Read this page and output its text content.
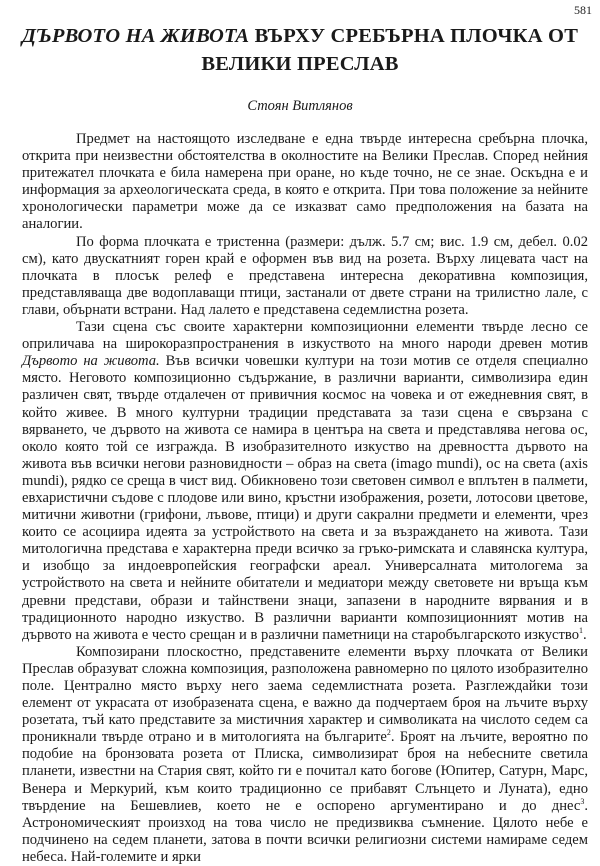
581
ДЪРВОТО НА ЖИВОТА ВЪРХУ СРЕБЪРНА ПЛОЧКА ОТ
ВЕЛИКИ ПРЕСЛАВ
Стоян Витлянов

Предмет на настоящото изследване е една твърде интересна сребърна плочка, открита при неизвестни обстоятелства в околностите на Велики Преслав. Според нейния притежател плочката е била намерена при оране, но къде точно, не се знае. Оскъдна е и информация за археологическата среда, в която е открита. При това положение за нейните хронологически параметри може да се изказват само предположения на базата на аналогии.

По форма плочката е тристенна (размери: дълж. 5.7 см; вис. 1.9 см, дебел. 0.02 см), като двускатният горен край е оформен във вид на розета. Върху лицевата част на плочката в плосък релеф е представена интересна декоративна композиция, представляваща две водоплаващи птици, застанали от двете страни на трилистно лале, с глави, обърнати встрани. Над лалето е представена седемлистна розета.

Тази сцена със своите характерни композиционни елементи твърде лесно се оприличава на широкоразпространения в изкуството на много народи древен мотив Дървото на живота. Във всички човешки култури на този мотив се отделя специално място. Неговото композиционно съдържание, в различни варианти, символизира един различен свят, твърде отдалечен от привичния космос на човека и от ежедневния свят, в който живее. В много културни традиции представата за тази сцена е свързана с вярването, че дървото на живота се намира в центъра на света и представлява негова ос, около която той се изгражда. В изобразителното изкуство на древността дървото на живота във всички негови разновидности – образ на света (imago mundi), ос на света (axis mundi), рядко се среща в чист вид. Обикновено този световен символ е вплътен в палмети, евхаристични съдове с плодове или вино, кръстни изображения, розети, лотосови цветове, митични животни (грифони, лъвове, птици) и други сакрални предмети и елементи, чрез които се асоциира идеята за устройството на света и за възраждането на живота. Тази митологична представа е характерна преди всичко за гръко-римската и славянска култура, и изобщо за индоевропейския географски ареал. Универсалната митологема за устройството на света и нейните обитатели и медиатори между световете ни връща към древни представи, образи и тайнствени знаци, запазени в народните вярвания и в традиционното народно изкуство. В различни варианти композиционният мотив на дървото на живота е често срещан и в различни паметници на старобългарското изкуство$^1$.

Композирани плоскостно, представените елементи върху плочката от Велики Преслав образуват сложна композиция, разположена равномерно по цялото изобразително поле. Централно място върху него заема седемлистната розета. Разглеждайки този елемент от украсата от изобразената сцена, е важно да подчертаем броя на лъчите върху розетата, тъй като представите за мистичния характер и символиката на числото седем са проникнали твърде отрано и в митологията на българите$^2$. Броят на лъчите, вероятно по подобие на бронзовата розета от Плиска, символизират броя на небесните светила планети, известни на Стария свят, който ги е почитал като богове (Юпитер, Сатурн, Марс, Венера и Меркурий, към които традиционно се прибавят Слънцето и Луната), едно твърдение на Бешевлиев, което не е оспорено аргументирано и до днес$^3$. Астрономическият произход на това число не предизвиква съмнение. Цялото небе е подчинено на седем планети, затова в почти всички религиозни системи намираме седем небеса. Най-големите и ярки
